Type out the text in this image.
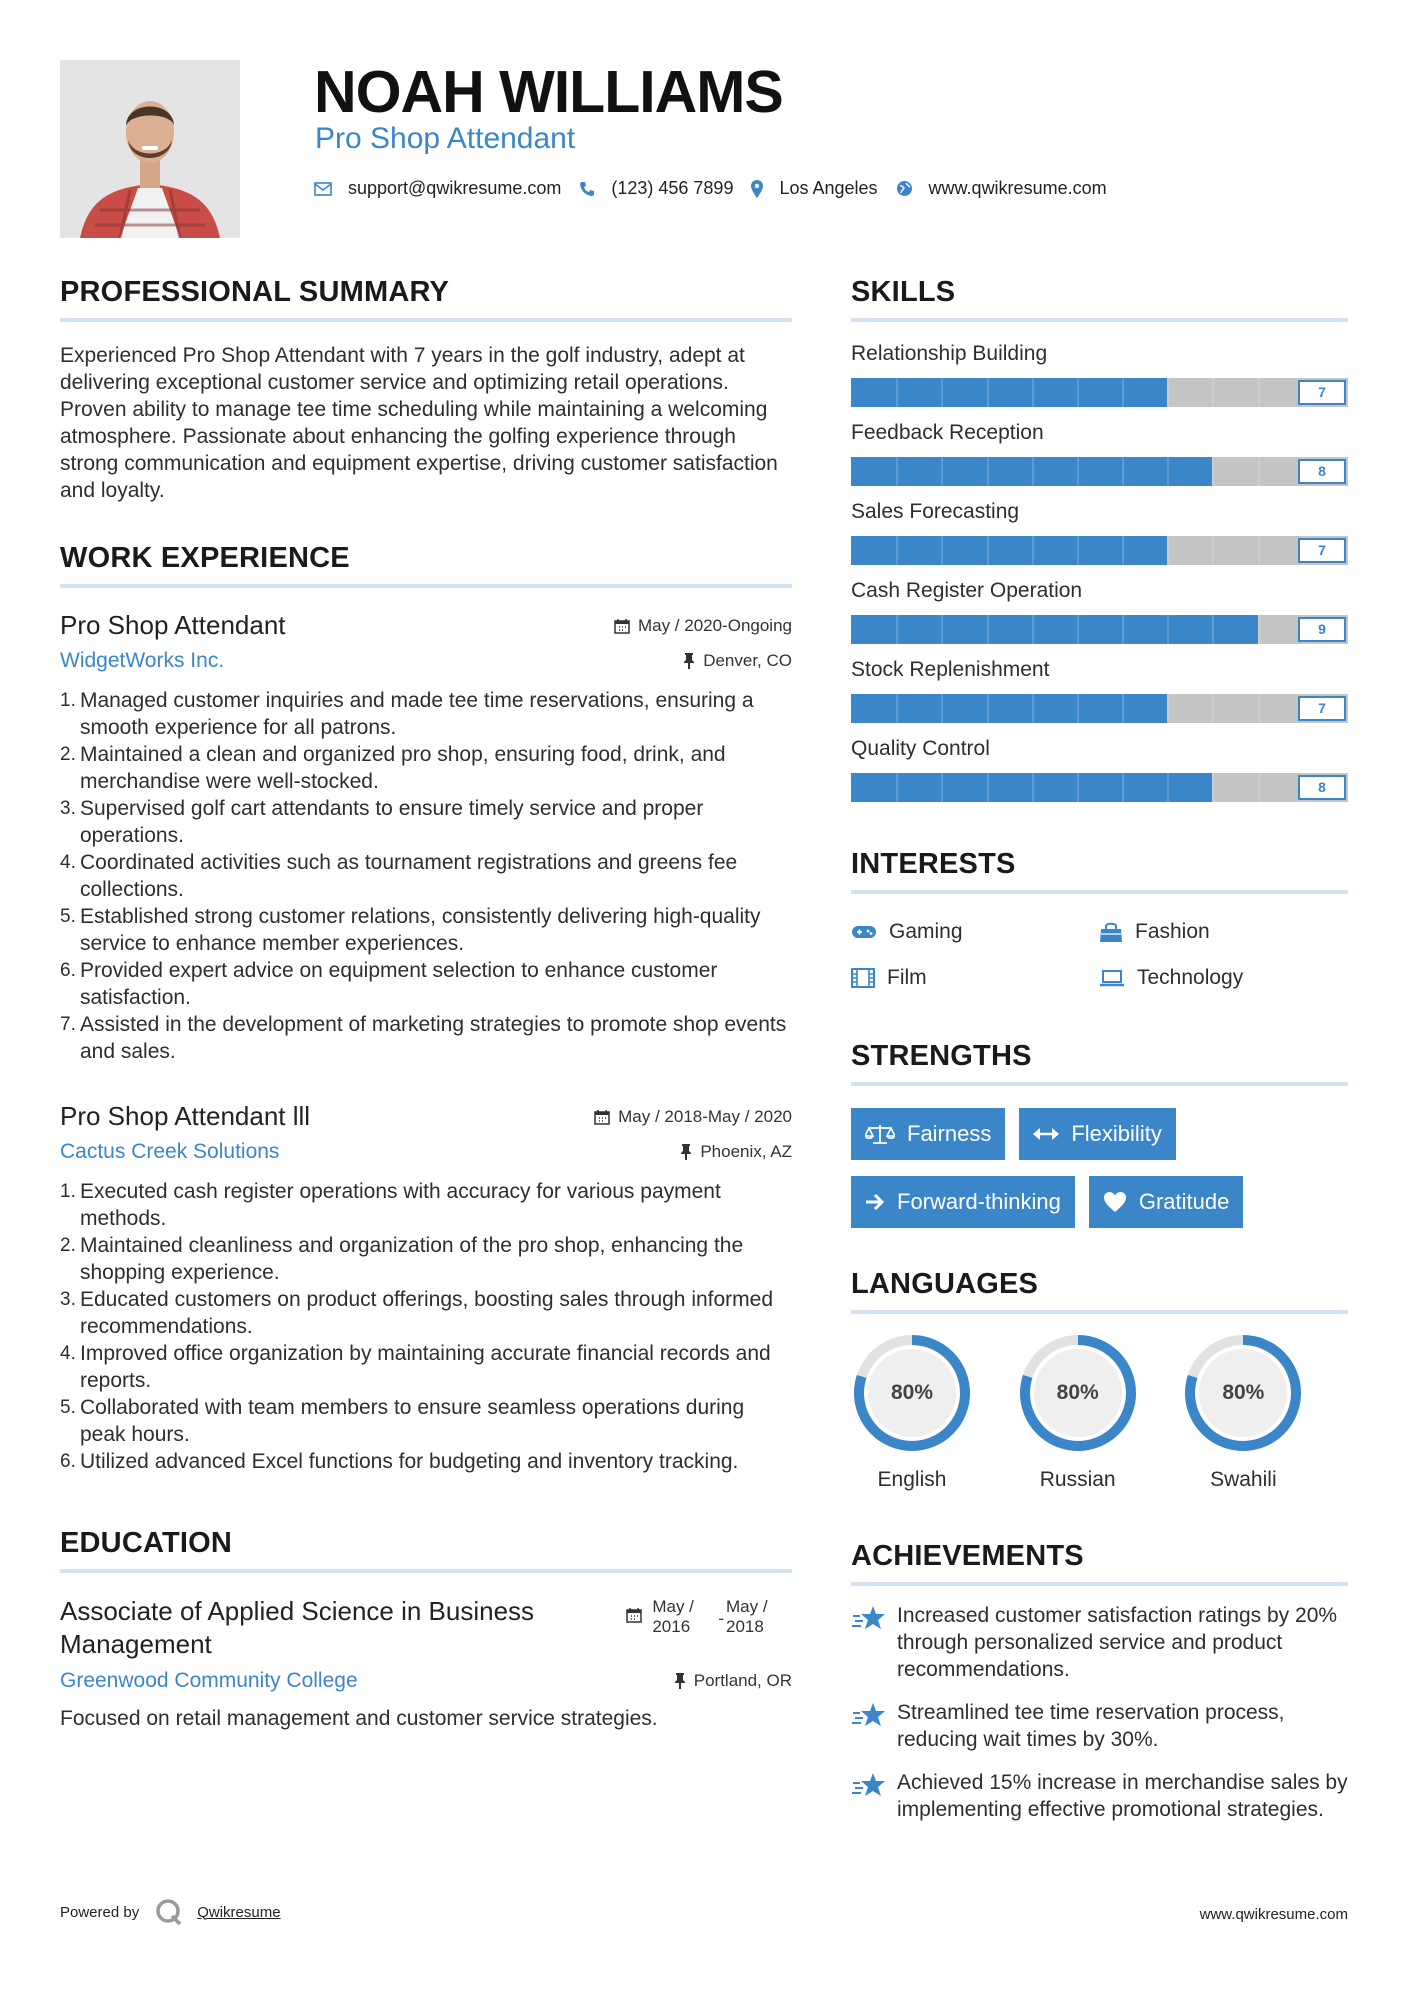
NOAH WILLIAMS
Pro Shop Attendant
support@qwikresume.com	(123) 456 7899	Los Angeles	www.qwikresume.com
PROFESSIONAL SUMMARY

Experienced Pro Shop Attendant with 7 years in the golf industry, adept at delivering exceptional customer service and optimizing retail operations. Proven ability to manage tee time scheduling while maintaining a welcoming atmosphere. Passionate about enhancing the golfing experience through strong communication and equipment expertise, driving customer satisfaction and loyalty.

WORK EXPERIENCE
Pro Shop Attendant	May / 2020-Ongoing
WidgetWorks Inc.	Denver, CO
1. Managed customer inquiries and made tee time reservations, ensuring a smooth experience for all patrons.
2. Maintained a clean and organized pro shop, ensuring food, drink, and merchandise were well-stocked.
3. Supervised golf cart attendants to ensure timely service and proper operations.
4. Coordinated activities such as tournament registrations and greens fee collections.
5. Established strong customer relations, consistently delivering high-quality service to enhance member experiences.
6. Provided expert advice on equipment selection to enhance customer satisfaction.
7. Assisted in the development of marketing strategies to promote shop events and sales.
Pro Shop Attendant lll	May / 2018-May / 2020
Cactus Creek Solutions	Phoenix, AZ
1. Executed cash register operations with accuracy for various payment methods.
2. Maintained cleanliness and organization of the pro shop, enhancing the shopping experience.
3. Educated customers on product offerings, boosting sales through informed recommendations.
4. Improved office organization by maintaining accurate financial records and reports.
5. Collaborated with team members to ensure seamless operations during peak hours.
6. Utilized advanced Excel functions for budgeting and inventory tracking.
EDUCATION
Associate of Applied Science in Business Management
May / 2016	-
May / 2018
Greenwood Community College	Portland, OR
Focused on retail management and customer service strategies.
SKILLS
Relationship Building
7
Feedback Reception
8
Sales Forecasting
7
Cash Register Operation
9
Stock Replenishment
7
Quality Control
8
INTERESTS
Gaming	Fashion
Film	Technology
STRENGTHS
Fairness	Flexibility
Forward-thinking	Gratitude
LANGUAGES
80%
English
80%
Russian
80%
Swahili
ACHIEVEMENTS
Increased customer satisfaction ratings by 20% through personalized service and product recommendations.
Streamlined tee time reservation process, reducing wait times by 30%.
Achieved 15% increase in merchandise sales by implementing effective promotional strategies.
Powered by	Qwikresume	www.qwikresume.com
